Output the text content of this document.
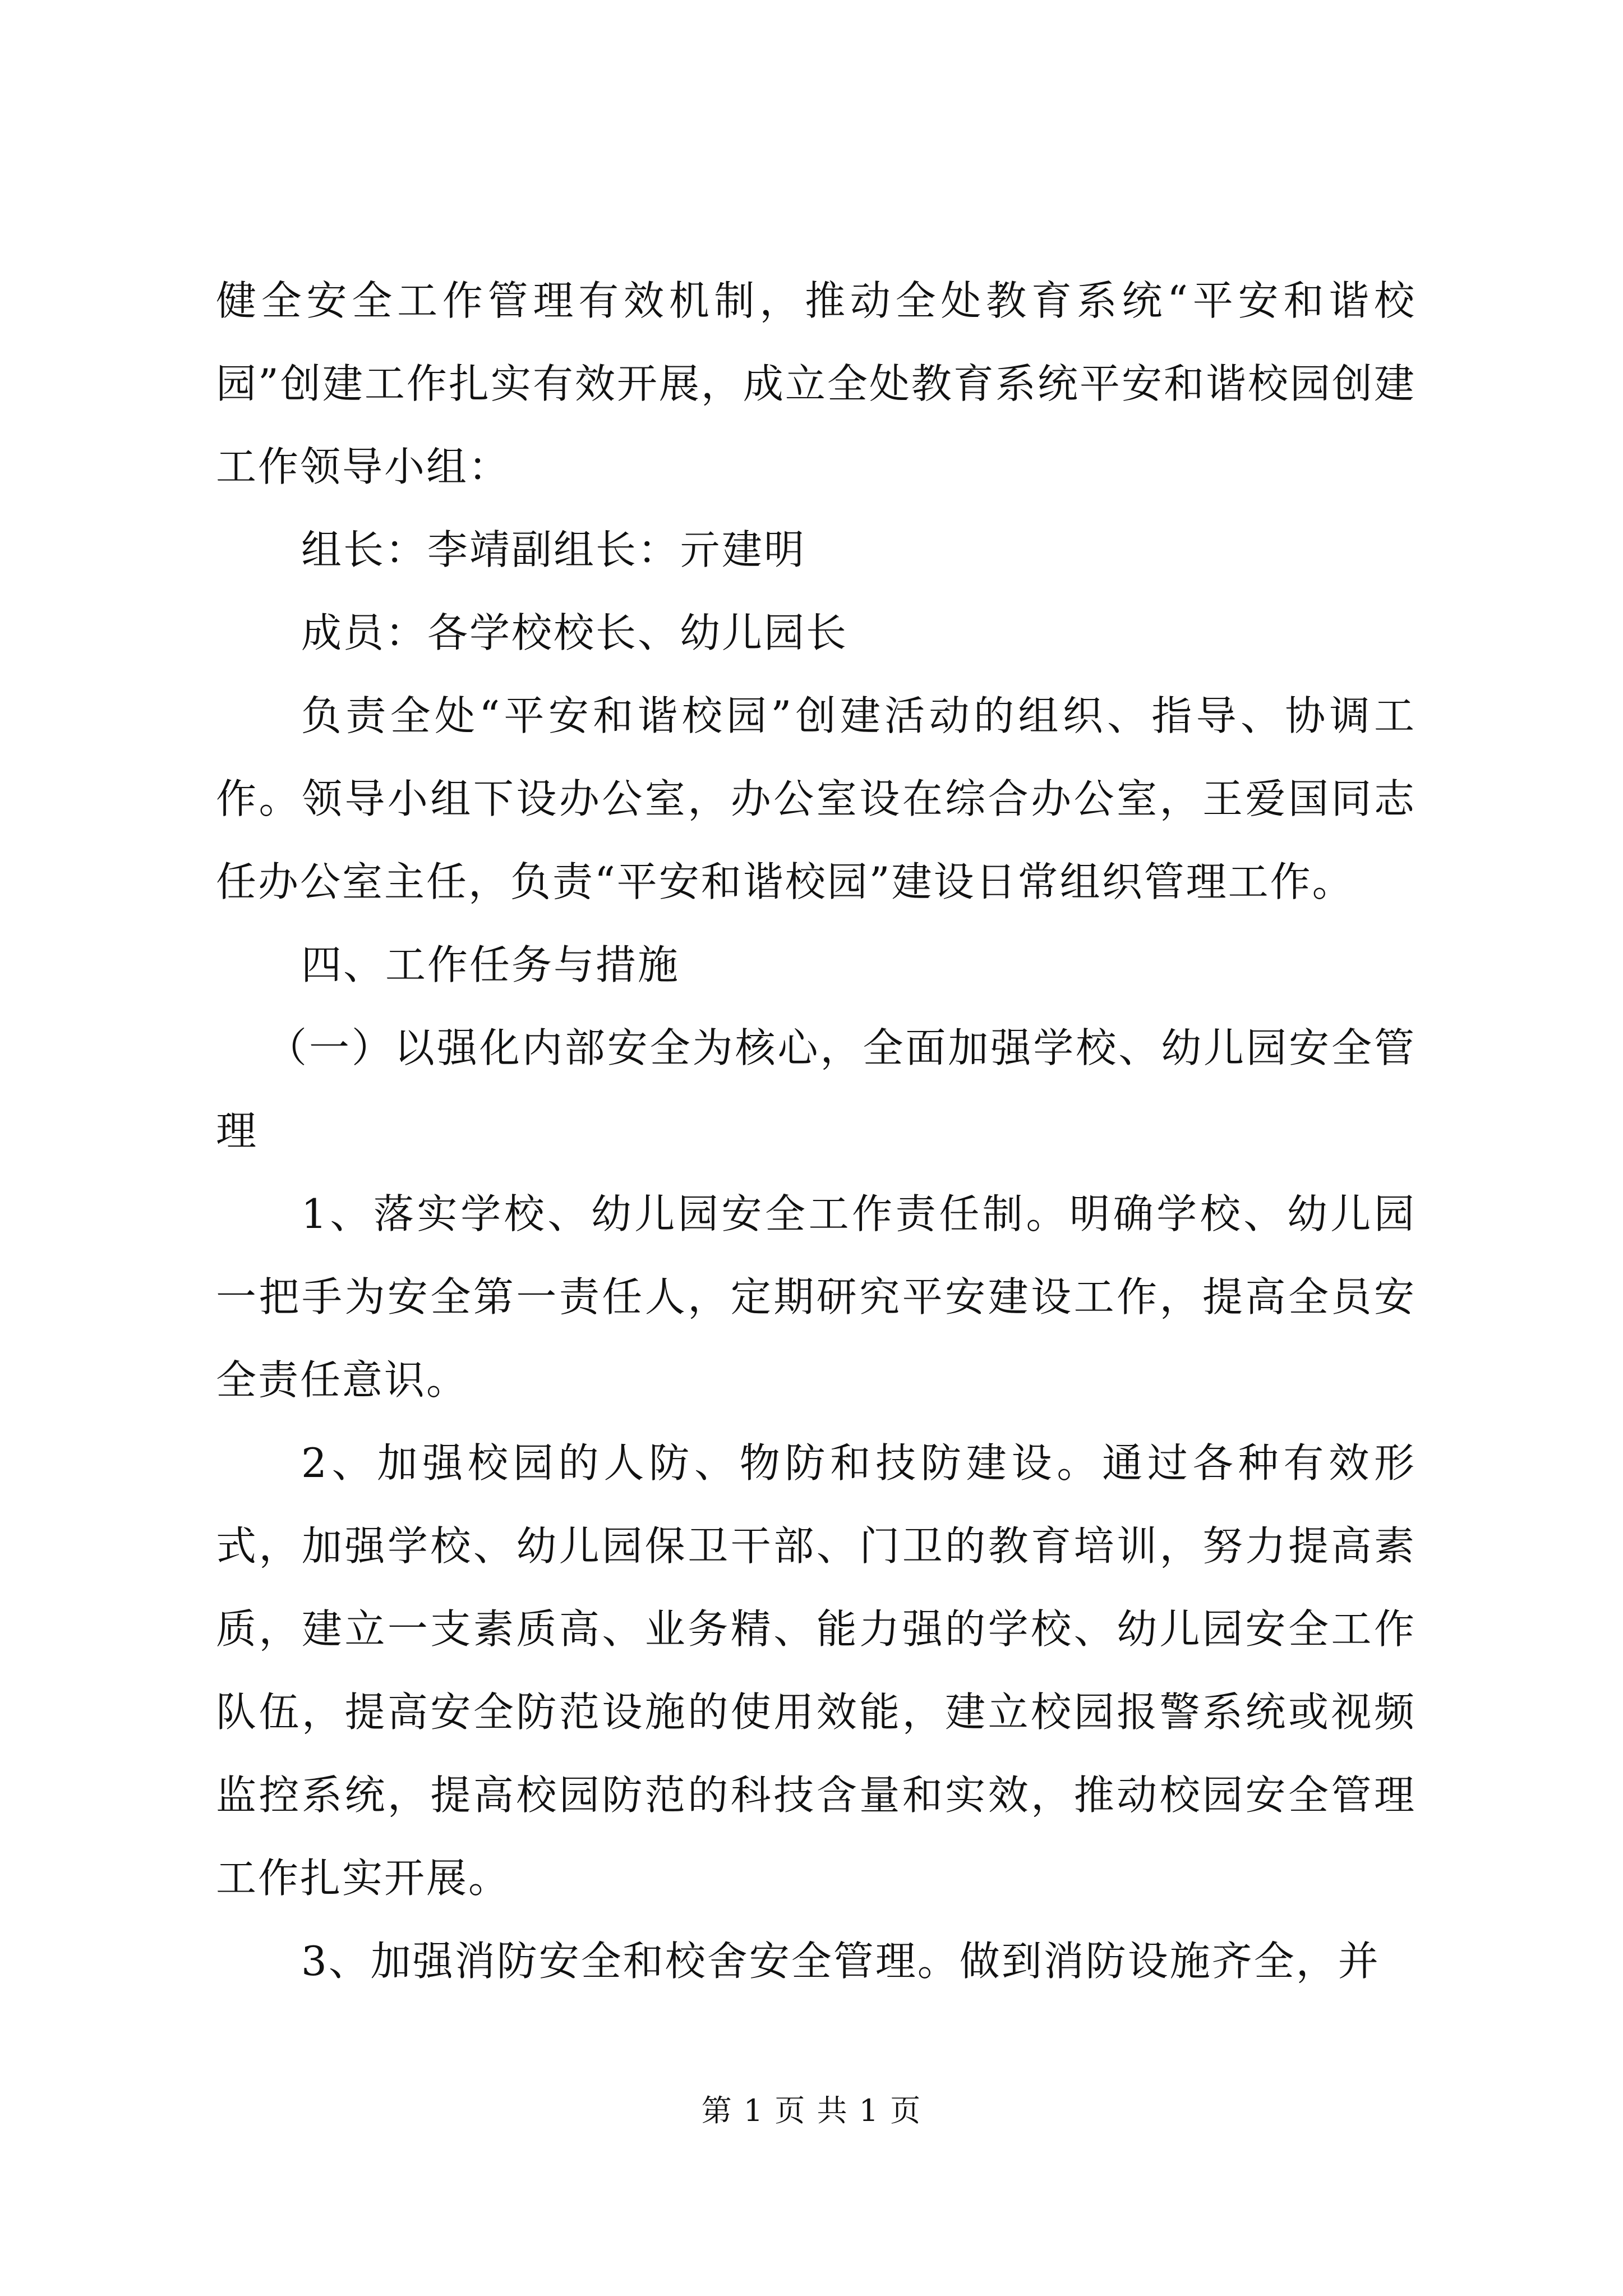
健全安全工作管理有效机制，推动全处教育系统“平安和谐校园”创建工作扎实有效开展，成立全处教育系统平安和谐校园创建工作领导小组：

组长：李靖副组长：亓建明

成员：各学校校长、幼儿园长

负责全处“平安和谐校园”创建活动的组织、指导、协调工作。领导小组下设办公室，办公室设在综合办公室，王爱国同志任办公室主任，负责“平安和谐校园”建设日常组织管理工作。

四、工作任务与措施

（一）以强化内部安全为核心，全面加强学校、幼儿园安全管理

1、落实学校、幼儿园安全工作责任制。明确学校、幼儿园一把手为安全第一责任人，定期研究平安建设工作，提高全员安全责任意识。

2、加强校园的人防、物防和技防建设。通过各种有效形式，加强学校、幼儿园保卫干部、门卫的教育培训，努力提高素质，建立一支素质高、业务精、能力强的学校、幼儿园安全工作队伍，提高安全防范设施的使用效能，建立校园报警系统或视频监控系统，提高校园防范的科技含量和实效，推动校园安全管理工作扎实开展。

3、加强消防安全和校舍安全管理。做到消防设施齐全，并

第 1 页 共 1 页
